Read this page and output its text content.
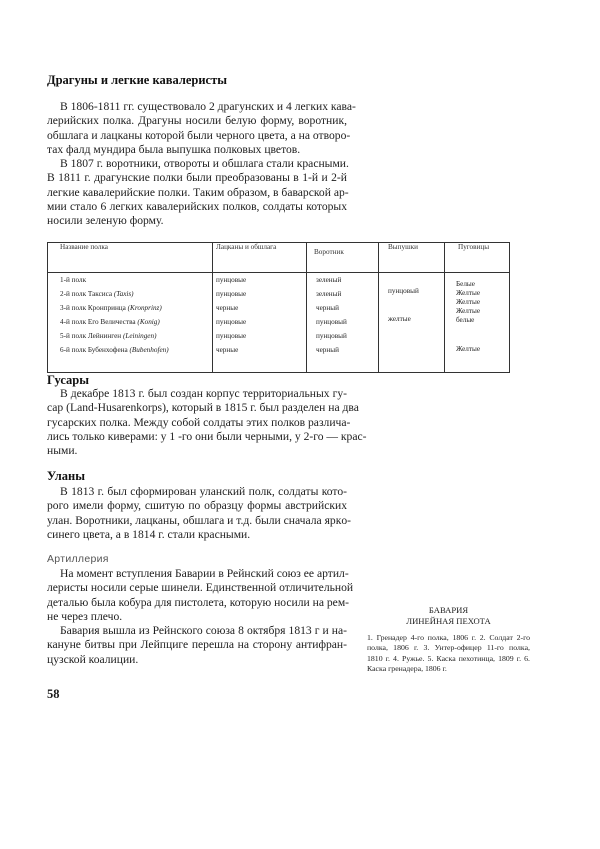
Драгуны и легкие кавалеристы
В 1806-1811 гг. существовало 2 драгунских и 4 легких кава-
лерийских полка. Драгуны носили белую форму, воротник,
обшлага и лацканы которой были черного цвета, а на отворо-
тах фалд мундира была выпушка полковых цветов.
В 1807 г. воротники, отвороты и обшлага стали красными.
В 1811 г. драгунские полки были преобразованы в 1-й и 2-й
легкие кавалерийские полки. Таким образом, в баварской ар-
мии стало 6 легких кавалерийских полков, солдаты которых
носили зеленую форму.
Название полка	Лацканы и обшлага
Воротник
Выпушки	Пуговицы
1-й полк
2-й полк Таксиса (Taxis)
3-й полк Кронпринца (Kronprinz)
4-й полк Его Величества (Konig)
5-й полк Лейнинген (Leiningen)
6-й полк Бубенхофена (Bubenhofen)
пунцовые
пунцовые
черные
пунцовые
пунцовые
черные
зеленый
зеленый
черный
пунцовый
пунцовый
черный
пунцовый
желтые
Белые
Желтые
Желтые
Желтые
белые
Желтые
Гусары
В декабре 1813 г. был создан корпус территориальных гу-
сар (Land-Husarenkorps), который в 1815 г. был разделен на два
гусарских полка. Между собой солдаты этих полков различа-
лись только киверами: у 1 -го они были черными, у 2-го — крас-
ными.
Уланы
В 1813 г. был сформирован уланский полк, солдаты кото-
рого имели форму, сшитую по образцу формы австрийских
улан. Воротники, лацканы, обшлага и т.д. были сначала яркo-
синего цвета, а в 1814 г. стали красными.
Артиллерия
На момент вступления Баварии в Рейнский союз ее артил-
леристы носили серые шинели. Единственной отличительной
деталью была кобура для пистолета, которую носили на рем-
не через плечо.
Бавария вышла из Рейнского союза 8 октября 1813 г и на-
кануне битвы при Лейпциге перешла на сторону антифран-
цузской коалиции.
БАВАРИЯ
ЛИНЕЙНАЯ ПЕХОТА
1. Гренадер 4-го полка, 1806 г. 2. Солдат 2-го
полка, 1806 г. 3. Унтер-офицер 11-го полка,
1810 г. 4. Ружье. 5. Каска пехотинца, 1809 г. 6.
Каска гренадера, 1806 г.
58
